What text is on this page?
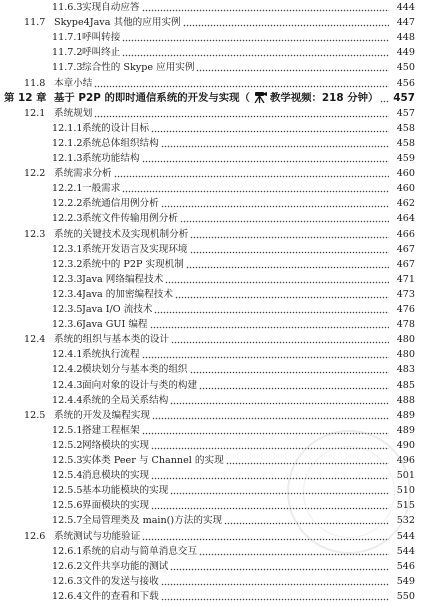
11.6.3 实现自动应答	444
11.7 Skype4Java 其他的应用实例	447
11.7.1 呼叫转接	448
11.7.2 呼叫终止	449
11.7.3 综合性的 Skype 应用实例	450
11.8 本章小结	456
第 12 章 基于 P2P 的即时通信系统的开发与实现（ 教学视频：218 分钟） 457
12.1 系统规划	457
12.1.1 系统的设计目标	458
12.1.2 系统总体组织结构	458
12.1.3 系统功能结构	459
12.2 系统需求分析	460
12.2.1 一般需求	460
12.2.2 系统通信用例分析	462
12.2.3 系统文件传输用例分析	464
12.3 系统的关键技术及实现机制分析	466
12.3.1 系统开发语言及实现环境	467
12.3.2 系统中的 P2P 实现机制	467
12.3.3 Java 网络编程技术	471
12.3.4 Java 的加密编程技术	473
12.3.5 Java I/O 流技术	476
12.3.6 Java GUI 编程	478
12.4 系统的组织与基本类的设计	480
12.4.1 系统执行流程	480
12.4.2 模块划分与基本类的组织	483
12.4.3 面向对象的设计与类的构建	485
12.4.4 系统的全局关系结构	488
12.5 系统的开发及编程实现	489
12.5.1 搭建工程框架	489
12.5.2 网络模块的实现	490
12.5.3 实体类 Peer 与 Channel 的实现	496
12.5.4 消息模块的实现	501
12.5.5 基本功能模块的实现	510
12.5.6 界面模块的实现	515
12.5.7 全局管理类及 main()方法的实现	532
12.6 系统测试与功能验证	544
12.6.1 系统的启动与简单消息交互	544
12.6.2 文件共享功能的测试	546
12.6.3 文件的发送与接收	549
12.6.4 文件的查看和下载	550
